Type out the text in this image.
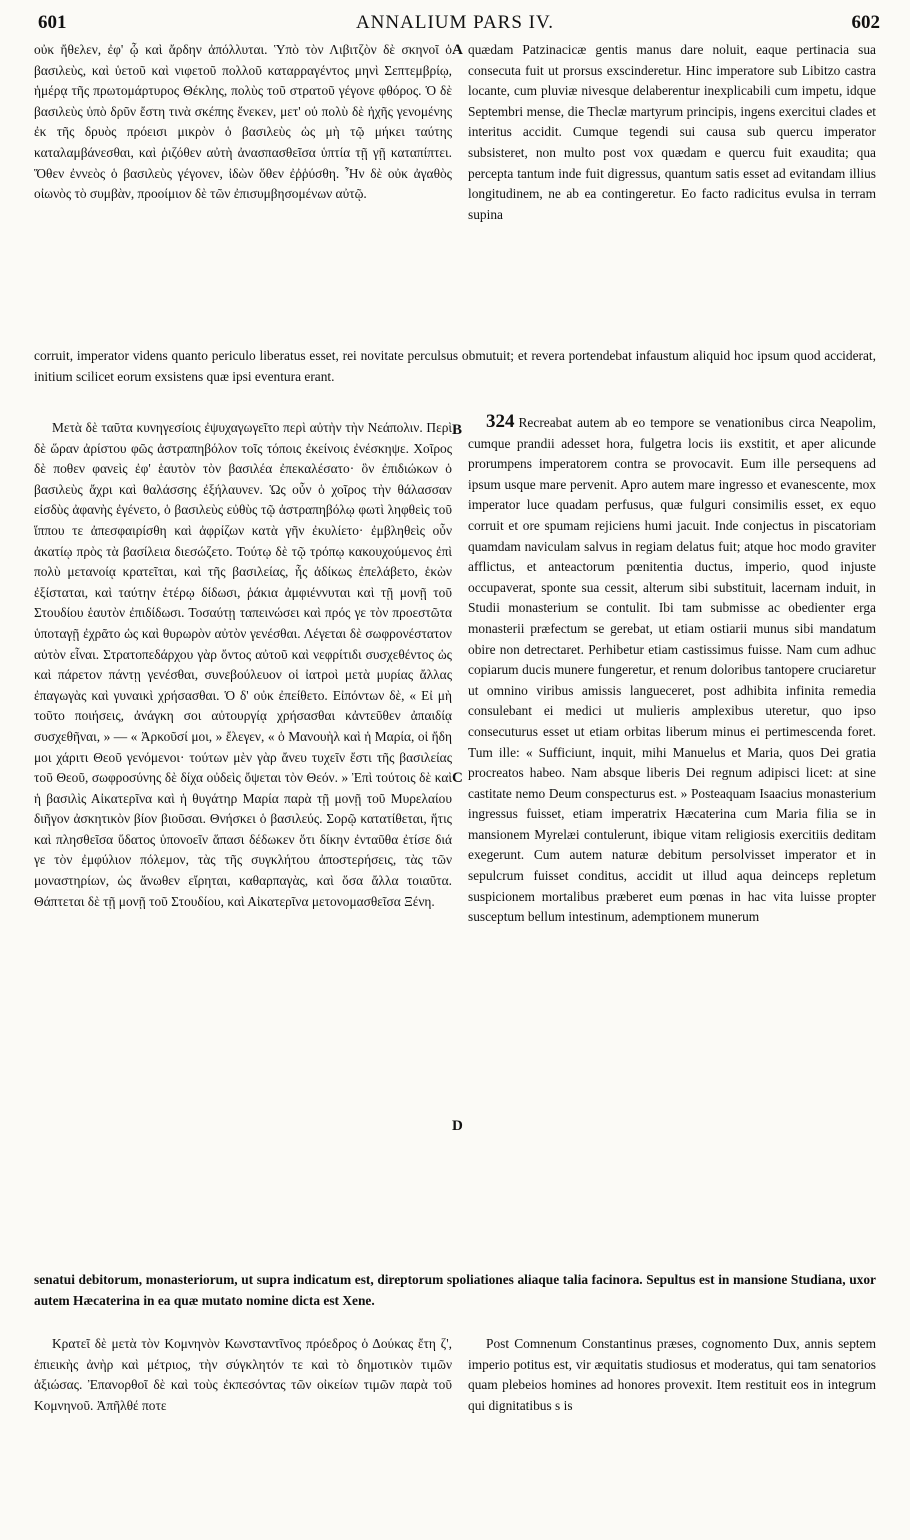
601	ANNALIUM PARS IV.	602

οὐκ ἤθελεν, ἐφ' ᾧ καὶ ἄρδην ἀπόλλυται. Ὑπὸ τὸν Λιβιτζὸν δὲ σκηνοῖ ὁ βασιλεὺς, καὶ ὑετοῦ καὶ νιφετοῦ πολλοῦ καταρραγέντος μηνὶ Σεπτεμβρίῳ, ἡμέρᾳ τῆς πρωτομάρτυρος Θέκλης, πολὺς τοῦ στρατοῦ γέγονε φθόρος. Ὁ δὲ βασιλεὺς ὑπὸ δρῦν ἔστη τινὰ σκέπης ἕνεκεν, μετ' οὐ πολὺ δὲ ἠχῆς γενομένης ἐκ τῆς δρυὸς πρόεισι μικρὸν ὁ βασιλεὺς ὡς μὴ τῷ μήκει ταύτης καταλαμβάνεσθαι, καὶ ῥιζόθεν αὐτὴ ἀνασπασθεῖσα ὑπτία τῇ γῇ καταπίπτει. Ὅθεν ἐννεὸς ὁ βασιλεὺς γέγονεν, ἰδὼν ὅθεν ἐῤῥύσθη. Ἦν δὲ οὐκ ἀγαθὸς οἰωνὸς τὸ συμβὰν, προοίμιον δὲ τῶν ἐπισυμβησομένων αὐτῷ.

A quædam Patzinacicæ gentis manus dare noluit, eaque pertinacia sua consecuta fuit ut prorsus exscinderetur. Hinc imperatore sub Libitzo castra locante, cum pluviæ nivesque delaberentur inexplicabili cum impetu, idque Septembri mense, die Theclæ martyrum principis, ingens exercitui clades et interitus accidit. Cumque tegendi sui causa sub quercu imperator subsisteret, non multo post vox quædam e quercu fuit exaudita; qua percepta tantum inde fuit digressus, quantum satis esset ad evitandam illius longitudinem, ne ab ea contingeretur. Eo facto radicitus evulsa in terram supina

corruit, imperator videns quanto periculo liberatus esset, rei novitate perculsus obmutuit; et revera portendebat infaustum aliquid hoc ipsum quod acciderat, initium scilicet eorum exsistens quæ ipsi eventura erant.

Μετὰ δὲ ταῦτα κυνηγεσίοις ἐψυχαγωγεῖτο περὶ αὐτὴν τὴν Νεάπολιν. Περὶ δὲ ὥραν ἀρίστου φῶς ἀστραπηβόλον τοῖς τόποις ἐκείνοις ἐνέσκηψε. Χοῖρος δὲ ποθεν φανεὶς ἐφ' ἑαυτὸν τὸν βασιλέα ἐπεκαλέσατο· ὃν ἐπιδιώκων ὁ βασιλεὺς ἄχρι καὶ θαλάσσης ἐξήλαυνεν. Ὡς οὖν ὁ χοῖρος τὴν θάλασσαν εἰσδὺς ἀφανὴς ἐγένετο, ὁ βασιλεὺς εὐθὺς τῷ ἀστραπηβόλῳ φωτὶ ληφθεὶς τοῦ ἵππου τε ἀπεσφαιρίσθη καὶ ἀφρίζων κατὰ γῆν ἐκυλίετο· ἐμβληθεὶς οὖν ἀκατίῳ πρὸς τὰ βασίλεια διεσώζετο. Τούτῳ δὲ τῷ τρόπῳ κακουχούμενος ἐπὶ πολὺ μετανοίᾳ κρατεῖται, καὶ τῆς βασιλείας, ἧς ἀδίκως ἐπελάβετο, ἑκὼν ἐξίσταται, καὶ ταύτην ἑτέρῳ δίδωσι, ῥάκια ἀμφιέννυται καὶ τῇ μονῇ τοῦ Στουδίου ἑαυτὸν ἐπιδίδωσι. Τοσαύτῃ ταπεινώσει καὶ πρός γε τὸν προεστῶτα ὑποταγῇ ἐχρᾶτο ὡς καὶ θυρωρὸν αὐτὸν γενέσθαι. Λέγεται δὲ σωφρονέστατον αὐτὸν εἶναι. Στρατοπεδάρχου γὰρ ὄντος αὐτοῦ καὶ νεφρίτιδι συσχεθέντος ὡς καὶ πάρετον πάντῃ γενέσθαι, συνεβούλευον οἱ ἰατροὶ μετὰ μυρίας ἄλλας ἐπαγωγὰς καὶ γυναικὶ χρήσασθαι. Ὁ δ' οὐκ ἐπείθετο. Εἰπόντων δὲ, « Εἰ μὴ τοῦτο ποιήσεις, ἀνάγκη σοι αὐτουργίᾳ χρήσασθαι κἀντεῦθεν ἀπαιδίᾳ συσχεθῆναι, » — « Ἀρκοῦσί μοι, » ἔλεγεν, « ὁ Μανουὴλ καὶ ἡ Μαρία, οἱ ἤδη μοι χάριτι Θεοῦ γενόμενοι· τούτων μὲν γὰρ ἄνευ τυχεῖν ἔστι τῆς βασιλείας τοῦ Θεοῦ, σωφροσύνης δὲ δίχα οὐδεὶς ὄψεται τὸν Θεόν. » Ἐπὶ τούτοις δὲ καὶ ἡ βασιλὶς Αἰκατερῖνα καὶ ἡ θυγάτηρ Μαρία παρὰ τῇ μονῇ τοῦ Μυρελαίου διῆγον ἀσκητικὸν βίον βιοῦσαι. Θνήσκει ὁ βασιλεύς. Σορῷ κατατίθεται, ἥτις καὶ πλησθεῖσα ὕδατος ὑπονοεῖν ἅπασι δέδωκεν ὅτι δίκην ἐνταῦθα ἐτίσε διά γε τὸν ἐμφύλιον πόλεμον, τὰς τῆς συγκλήτου ἀποστερήσεις, τὰς τῶν μοναστηρίων, ὡς ἄνωθεν εἴρηται, καθαρπαγὰς, καὶ ὅσα ἄλλα τοιαῦτα. Θάπτεται δὲ τῇ μονῇ τοῦ Στουδίου, καὶ Αἰκατερῖνα μετονομασθεῖσα Ξένη.

B
C
D

324 Recreabat autem ab eo tempore se venationibus circa Neapolim, cumque prandii adesset hora, fulgetra locis iis exstitit, et aper alicunde prorumpens imperatorem contra se provocavit. Eum ille persequens ad ipsum usque mare pervenit. Apro autem mare ingresso et evanescente, mox imperator luce quadam perfusus, quæ fulguri consimilis esset, ex equo corruit et ore spumam rejiciens humi jacuit. Inde conjectus in piscatoriam quamdam naviculam salvus in regiam delatus fuit; atque hoc modo graviter afflictus, et anteactorum pœnitentia ductus, imperio, quod injuste occupaverat, sponte sua cessit, alterum sibi substituit, lacernam induit, in Studii monasterium se contulit. Ibi tam submisse ac obedienter erga monasterii præfectum se gerebat, ut etiam ostiarii munus sibi mandatum obire non detrectaret. Perhibetur etiam castissimus fuisse. Nam cum adhuc copiarum ducis munere fungeretur, et renum doloribus tantopere cruciaretur ut omnino viribus amissis langueceret, post adhibita infinita remedia consulebant ei medici ut mulieris amplexibus uteretur, quo ipso consecuturus esset ut etiam orbitas liberum minus ei pertimescenda foret. Tum ille: « Sufficiunt, inquit, mihi Manuelus et Maria, quos Dei gratia procreatos habeo. Nam absque liberis Dei regnum adipisci licet: at sine castitate nemo Deum conspecturus est. » Posteaquam Isaacius monasterium ingressus fuisset, etiam imperatrix Hæcaterina cum Maria filia se in mansionem Myrelæi contulerunt, ibique vitam religiosis exercitiis deditam exegerunt. Cum autem naturæ debitum persolvisset imperator et in sepulcrum fuisset conditus, accidit ut illud aqua deinceps repletum suspicionem mortalibus præberet eum pœnas in hac vita luisse propter susceptum bellum intestinum, ademptionem munerum

senatui debitorum, monasteriorum, ut supra indicatum est, direptorum spoliationes aliaque talia facinora. Sepultus est in mansione Studiana, uxor autem Hæcaterina in ea quæ mutato nomine dicta est Xene.

Κρατεῖ δὲ μετὰ τὸν Κομνηνὸν Κωνσταντῖνος πρόεδρος ὁ Δούκας ἔτη ζ', ἐπιεικὴς ἀνὴρ καὶ μέτριος, τὴν σύγκλητόν τε καὶ τὸ δημοτικὸν τιμῶν ἀξιώσας. Ἐπανορθοῖ δὲ καὶ τοὺς ἐκπεσόντας τῶν οἰκείων τιμῶν παρὰ τοῦ Κομνηνοῦ. Ἀπῆλθέ ποτε

Post Comnenum Constantinus præses, cognomento Dux, annis septem imperio potitus est, vir æquitatis studiosus et moderatus, qui tam senatorios quam plebeios homines ad honores provexit. Item restituit eos in integrum qui dignitatibus s is
